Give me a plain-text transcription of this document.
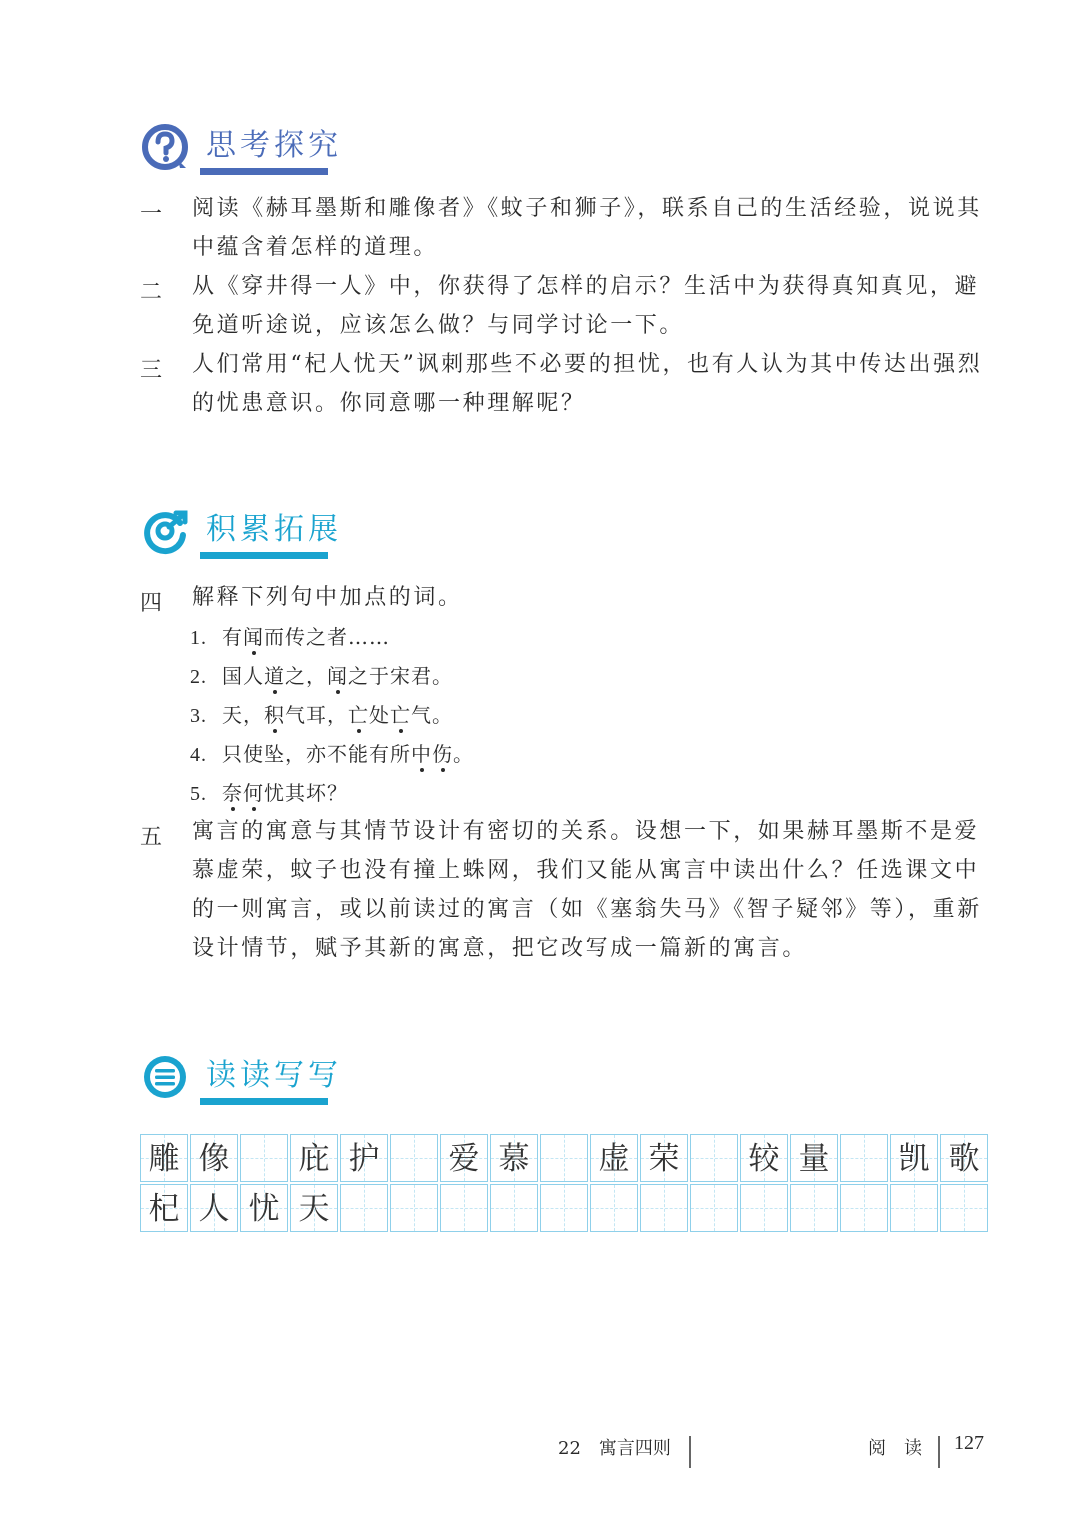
思考探究
一	阅读《赫耳墨斯和雕像者》《蚊子和狮子》，联系自己的生活经验，说说其中蕴含着怎样的道理。
二	从《穿井得一人》中，你获得了怎样的启示？生活中为获得真知真见，避免道听途说，应该怎么做？与同学讨论一下。
三	人们常用“杞人忧天”讽刺那些不必要的担忧，也有人认为其中传达出强烈的忧患意识。你同意哪一种理解呢？
积累拓展
四	解释下列句中加点的词。
1. 有闻而传之者……
2. 国人道之，闻之于宋君。
3. 天，积气耳，亡处亡气。
4. 只使坠，亦不能有所中伤。
5. 奈何忧其坏？
五	寓言的寓意与其情节设计有密切的关系。设想一下，如果赫耳墨斯不是爱慕虚荣，蚊子也没有撞上蛛网，我们又能从寓言中读出什么？任选课文中的一则寓言，或以前读过的寓言（如《塞翁失马》《智子疑邻》等），重新设计情节，赋予其新的寓意，把它改写成一篇新的寓言。
读读写写
雕 像 庇 护 爱 慕 虚 荣 较 量 凯 歌
杞 人 忧 天
22　寓言四则	阅　读 127
